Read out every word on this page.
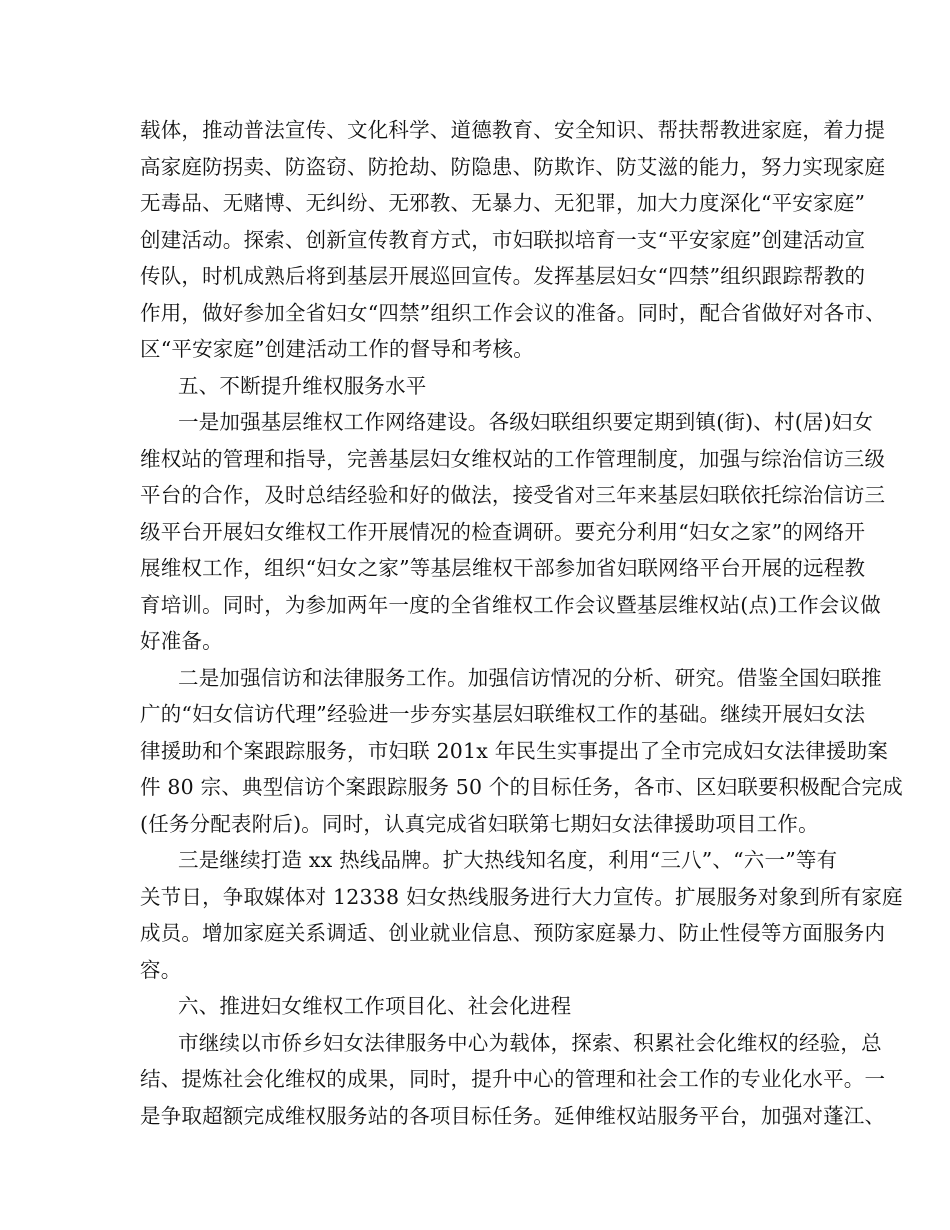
载体，推动普法宣传、文化科学、道德教育、安全知识、帮扶帮教进家庭，着力提
高家庭防拐卖、防盗窃、防抢劫、防隐患、防欺诈、防艾滋的能力，努力实现家庭
无毒品、无赌博、无纠纷、无邪教、无暴力、无犯罪，加大力度深化“平安家庭”
创建活动。探索、创新宣传教育方式，市妇联拟培育一支“平安家庭”创建活动宣
传队，时机成熟后将到基层开展巡回宣传。发挥基层妇女“四禁”组织跟踪帮教的
作用，做好参加全省妇女“四禁”组织工作会议的准备。同时，配合省做好对各市、
区“平安家庭”创建活动工作的督导和考核。
五、不断提升维权服务水平
一是加强基层维权工作网络建设。各级妇联组织要定期到镇(街)、村(居)妇女
维权站的管理和指导，完善基层妇女维权站的工作管理制度，加强与综治信访三级
平台的合作，及时总结经验和好的做法，接受省对三年来基层妇联依托综治信访三
级平台开展妇女维权工作开展情况的检查调研。要充分利用“妇女之家”的网络开
展维权工作，组织“妇女之家”等基层维权干部参加省妇联网络平台开展的远程教
育培训。同时，为参加两年一度的全省维权工作会议暨基层维权站(点)工作会议做
好准备。
二是加强信访和法律服务工作。加强信访情况的分析、研究。借鉴全国妇联推
广的“妇女信访代理”经验进一步夯实基层妇联维权工作的基础。继续开展妇女法
律援助和个案跟踪服务，市妇联 201x 年民生实事提出了全市完成妇女法律援助案
件 80 宗、典型信访个案跟踪服务 50 个的目标任务，各市、区妇联要积极配合完成
(任务分配表附后)。同时，认真完成省妇联第七期妇女法律援助项目工作。
三是继续打造 xx 热线品牌。扩大热线知名度，利用“三八”、“六一”等有
关节日，争取媒体对 12338 妇女热线服务进行大力宣传。扩展服务对象到所有家庭
成员。增加家庭关系调适、创业就业信息、预防家庭暴力、防止性侵等方面服务内
容。
六、推进妇女维权工作项目化、社会化进程
市继续以市侨乡妇女法律服务中心为载体，探索、积累社会化维权的经验，总
结、提炼社会化维权的成果，同时，提升中心的管理和社会工作的专业化水平。一
是争取超额完成维权服务站的各项目标任务。延伸维权站服务平台，加强对蓬江、
